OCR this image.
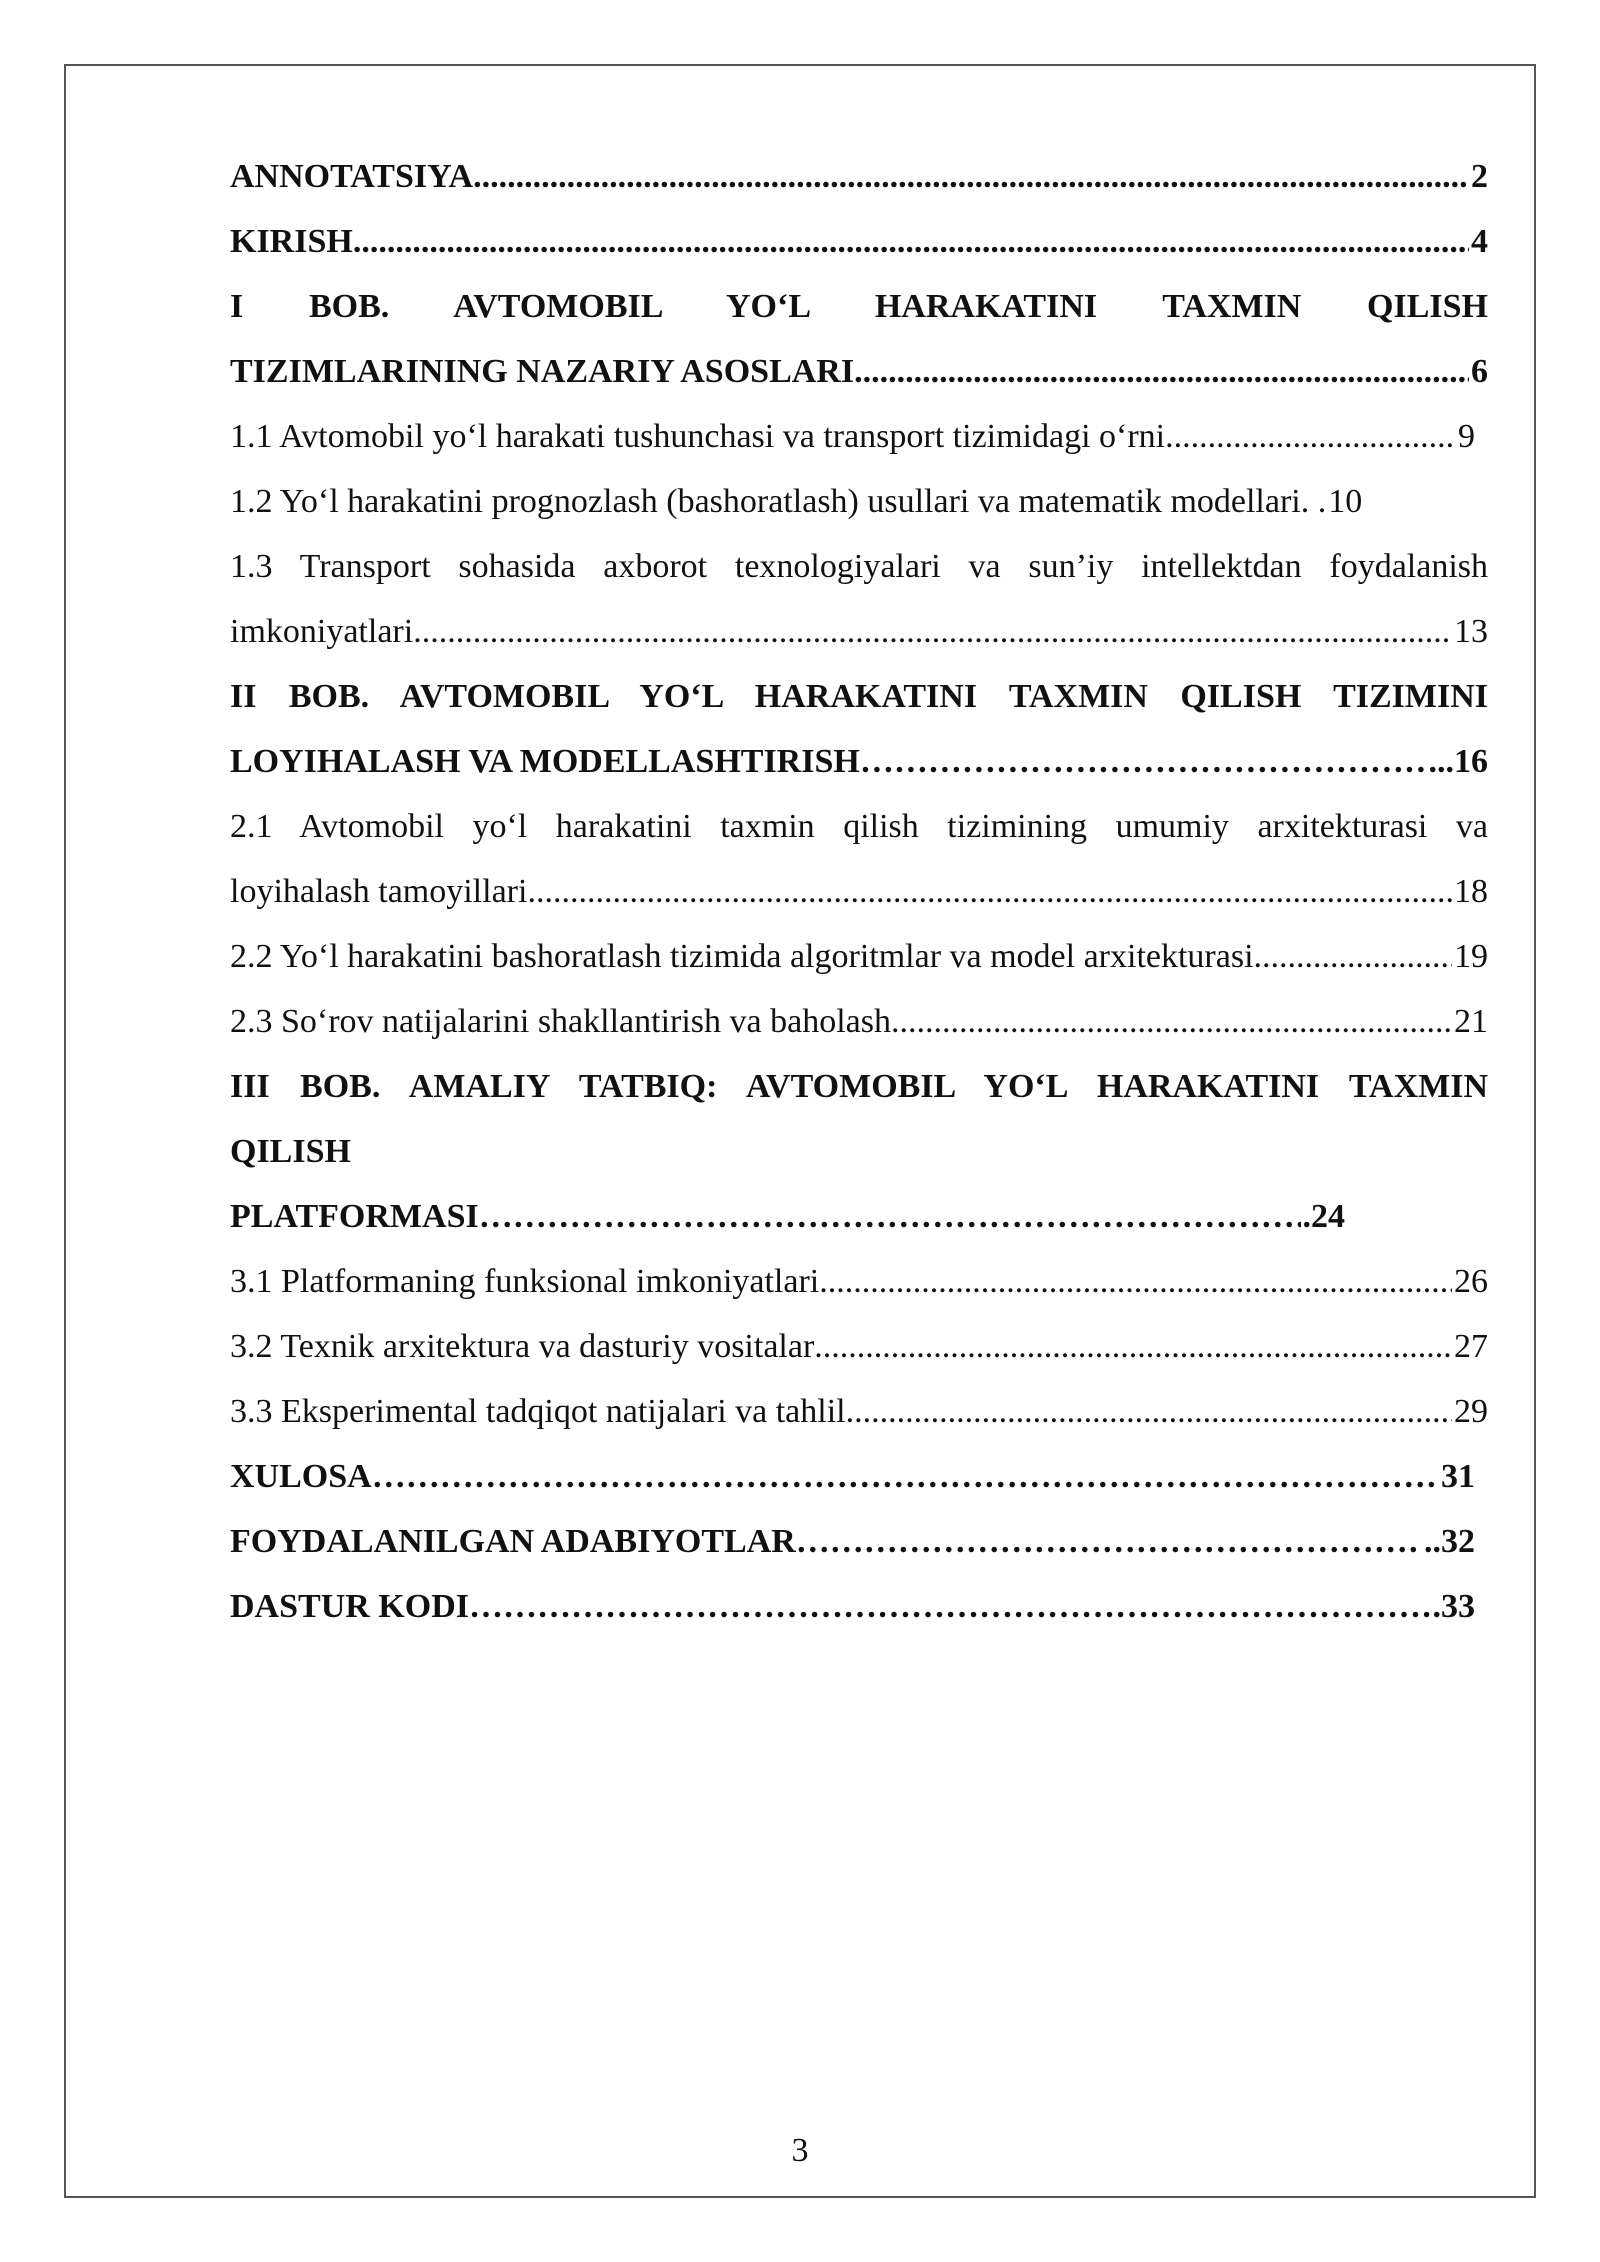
ANNOTATSIYA .....	2
KIRISH .....	4
I BOB. AVTOMOBIL YO‘L HARAKATINI TAXMIN QILISH
TIZIMLARINING NAZARIY ASOSLARI .....	6
1.1 Avtomobil yo‘l harakati tushunchasi va transport tizimidagi o‘rni .....	9
1.2 Yo‘l harakatini prognozlash (bashoratlash) usullari va matematik modellari. . 10
1.3 Transport sohasida axborot texnologiyalari va sun’iy intellektdan foydalanish
imkoniyatlari .....	13
II BOB. AVTOMOBIL YO‘L HARAKATINI TAXMIN QILISH TIZIMINI
LOYIHALASH VA MODELLASHTIRISH ……………………………………………………………………………………………………………………………………………………………………………………………………………………………………………………………………………	...16
2.1 Avtomobil yo‘l harakatini taxmin qilish tizimining umumiy arxitekturasi va
loyihalash tamoyillari .....	18
2.2 Yo‘l harakatini bashoratlash tizimida algoritmlar va model arxitekturasi .....	19
2.3 So‘rov natijalarini shakllantirish va baholash .....	21
III BOB. AMALIY TATBIQ: AVTOMOBIL YO‘L HARAKATINI TAXMIN
QILISH
PLATFORMASI ……………………………………………………………………………………………………………………………………………………………………………………………………………………………………………………………………………	.24
3.1 Platformaning funksional imkoniyatlari .....	26
3.2 Texnik arxitektura va dasturiy vositalar .....	27
3.3 Eksperimental tadqiqot natijalari va tahlil .....	29
XULOSA ……………………………………………………………………………………………………………………………………………………………………………………………………………………………………………………………………………	31
FOYDALANILGAN ADABIYOTLAR ……………………………………………………………………………………………………………………………………………………………………………………………………………………………………………………………………………	..32
DASTUR KODI ……………………………………………………………………………………………………………………………………………………………………………………………………………………………………………………………………………	.33
3
